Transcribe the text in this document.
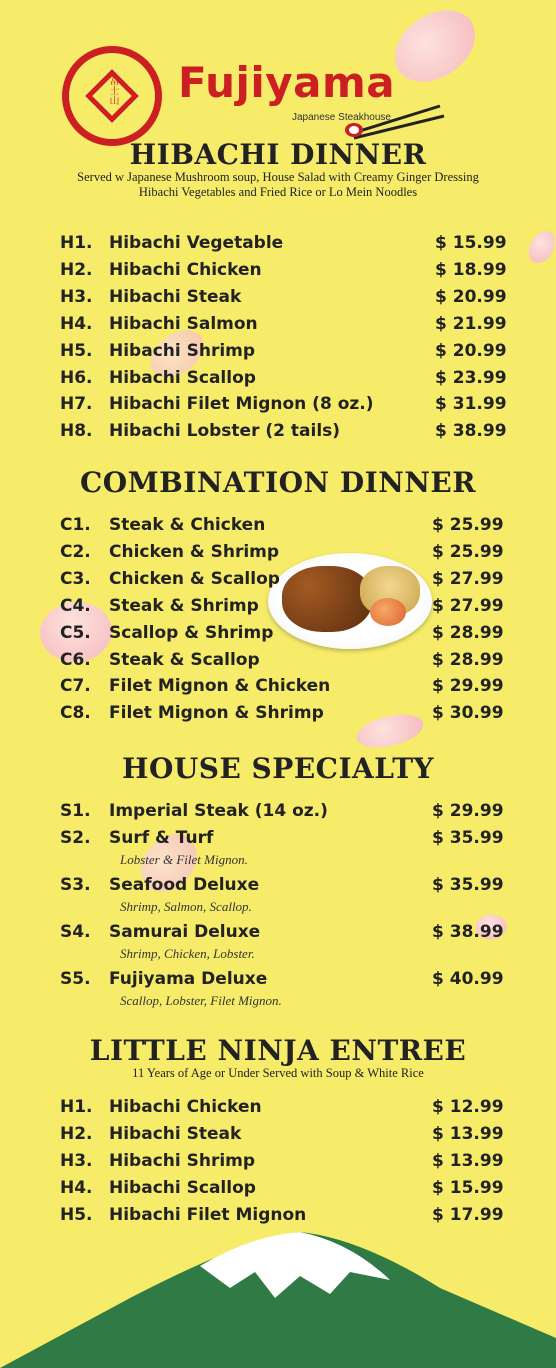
富士山 Fujiyama
Japanese Steakhouse
HIBACHI DINNER
Served w Japanese Mushroom soup, House Salad with Creamy Ginger Dressing
Hibachi Vegetables and Fried Rice or Lo Mein Noodles
H1. Hibachi Vegetable	$ 15.99
H2. Hibachi Chicken	$ 18.99
H3. Hibachi Steak	$ 20.99
H4. Hibachi Salmon	$ 21.99
H5. Hibachi Shrimp	$ 20.99
H6. Hibachi Scallop	$ 23.99
H7. Hibachi Filet Mignon (8 oz.)	$ 31.99
H8. Hibachi Lobster (2 tails)	$ 38.99
COMBINATION DINNER
C1. Steak & Chicken	$ 25.99
C2. Chicken & Shrimp	$ 25.99
C3. Chicken & Scallop	$ 27.99
C4. Steak & Shrimp	$ 27.99
C5. Scallop & Shrimp	$ 28.99
C6. Steak & Scallop	$ 28.99
C7. Filet Mignon & Chicken	$ 29.99
C8. Filet Mignon & Shrimp	$ 30.99
HOUSE SPECIALTY
S1. Imperial Steak (14 oz.)	$ 29.99
S2. Surf & Turf	$ 35.99
Lobster & Filet Mignon.
S3. Seafood Deluxe	$ 35.99
Shrimp, Salmon, Scallop.
S4. Samurai Deluxe	$ 38.99
Shrimp, Chicken, Lobster.
S5. Fujiyama Deluxe	$ 40.99
Scallop, Lobster, Filet Mignon.
LITTLE NINJA ENTREE
11 Years of Age or Under Served with Soup & White Rice
H1. Hibachi Chicken	$ 12.99
H2. Hibachi Steak	$ 13.99
H3. Hibachi Shrimp	$ 13.99
H4. Hibachi Scallop	$ 15.99
H5. Hibachi Filet Mignon	$ 17.99
